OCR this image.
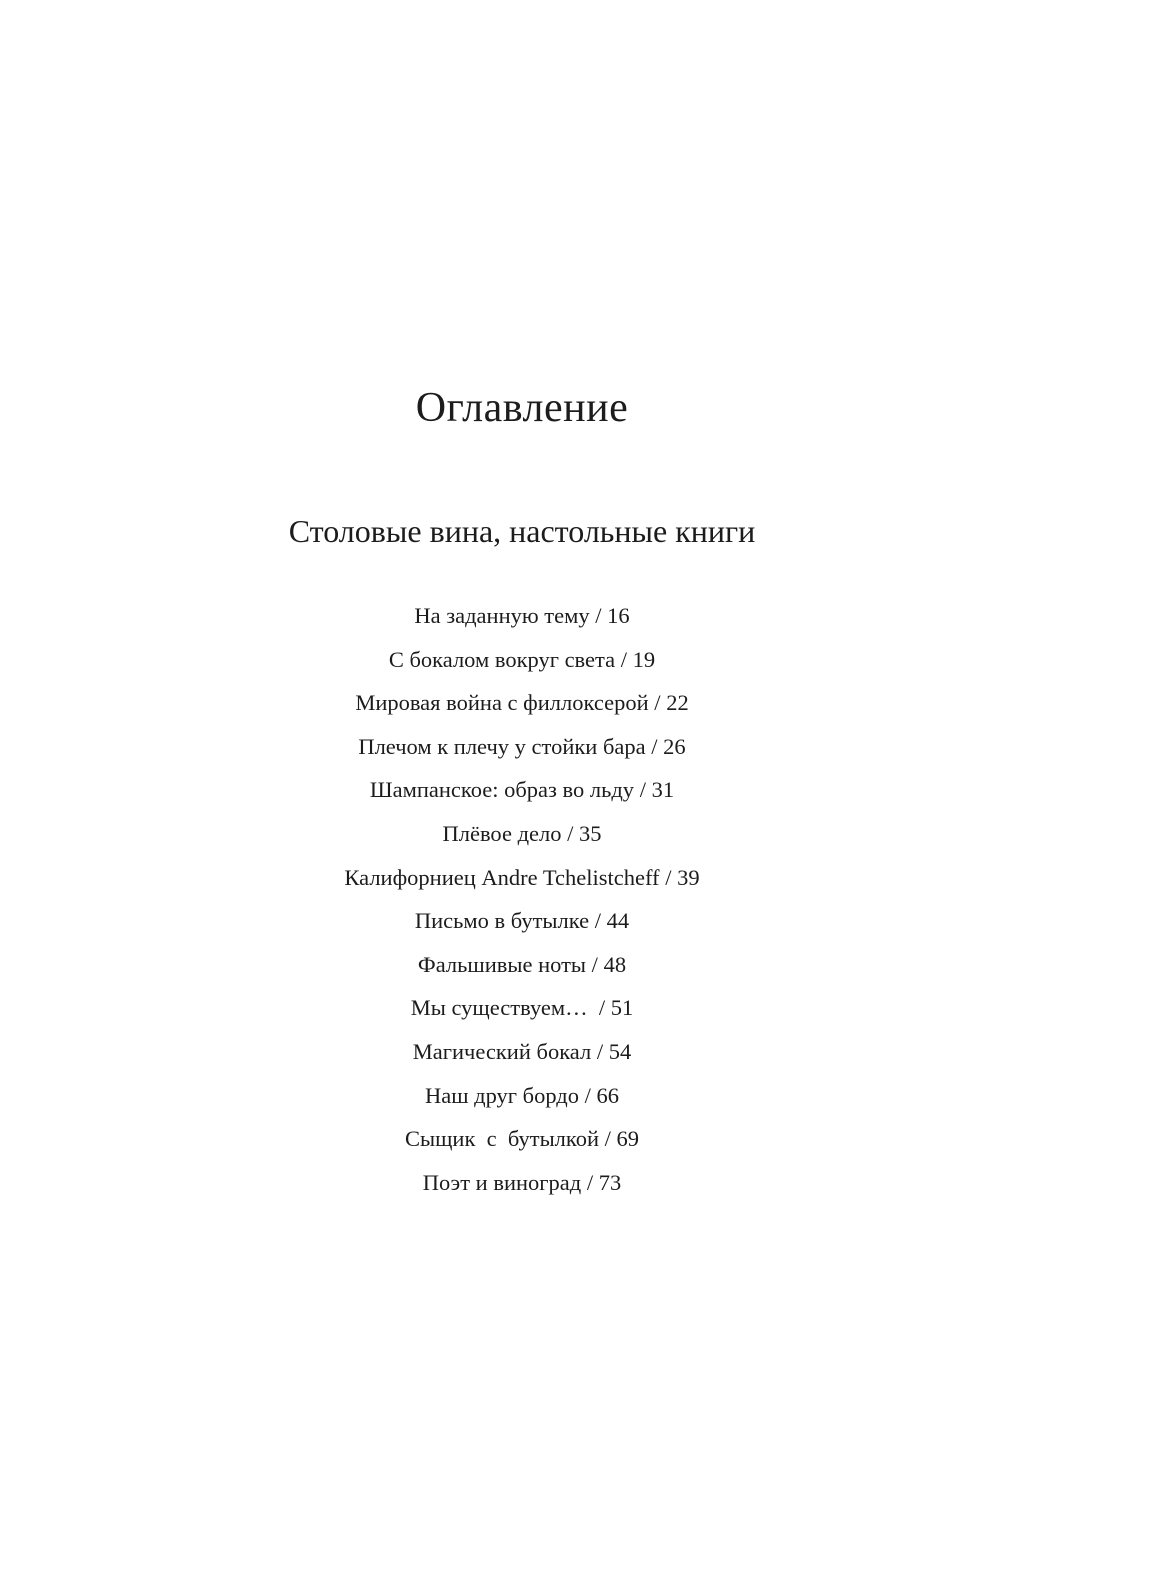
Оглавление
Столовые вина, настольные книги
На заданную тему / 16
С бокалом вокруг света / 19
Мировая война с филлоксерой / 22
Плечом к плечу у стойки бара / 26
Шампанское: образ во льду / 31
Плёвое дело / 35
Калифорниец Andre Tchelistcheff / 39
Письмо в бутылке / 44
Фальшивые ноты / 48
Мы существуем…  / 51
Магический бокал / 54
Наш друг бордо / 66
Сыщик  с  бутылкой / 69
Поэт и виноград / 73
